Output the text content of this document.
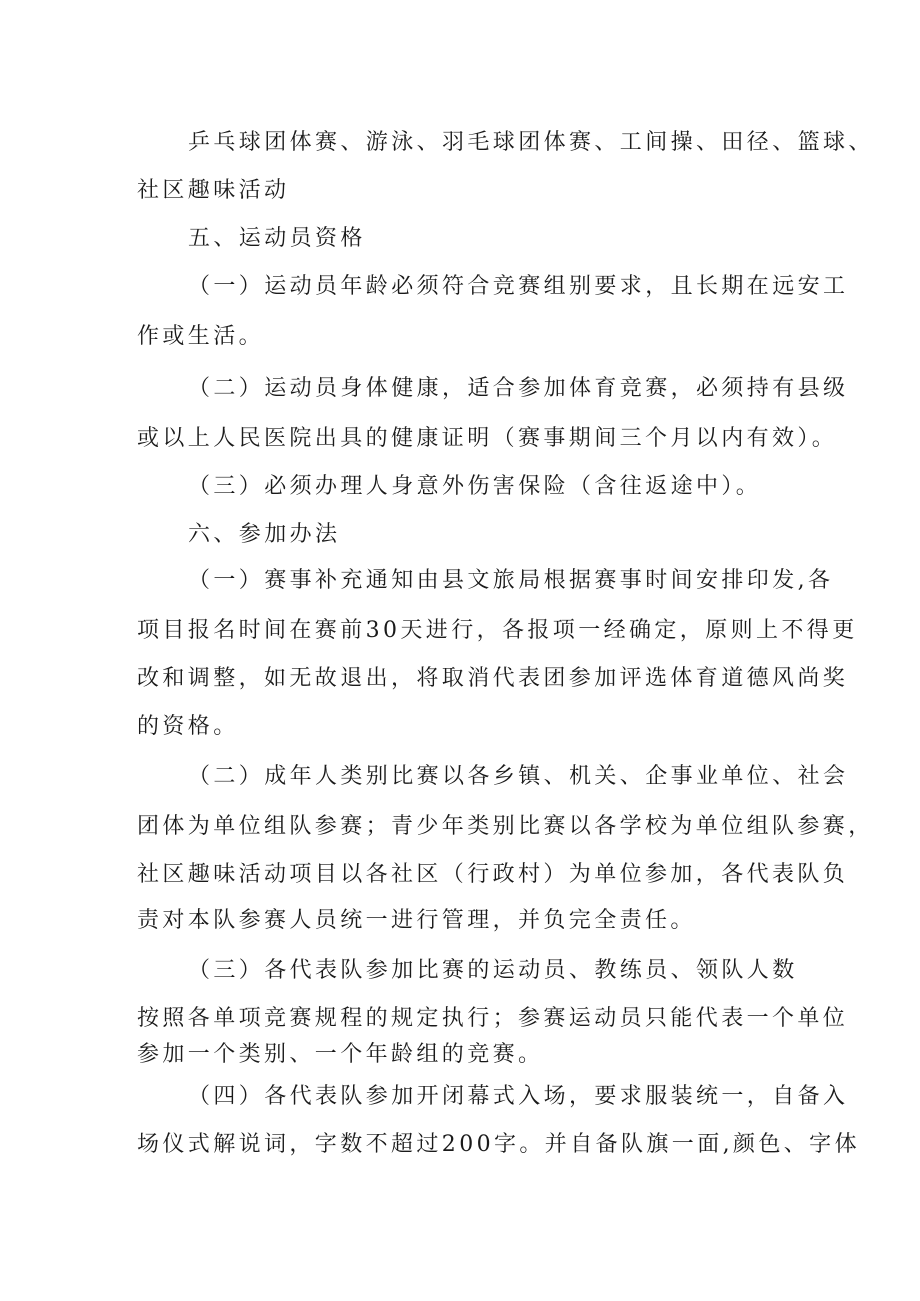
乒乓球团体赛、游泳、羽毛球团体赛、工间操、田径、篮球、
社区趣味活动
五、运动员资格
（一）运动员年龄必须符合竞赛组别要求，且长期在远安工
作或生活。
（二）运动员身体健康，适合参加体育竞赛，必须持有县级
或以上人民医院出具的健康证明（赛事期间三个月以内有效）。
（三）必须办理人身意外伤害保险（含往返途中）。
六、参加办法
（一）赛事补充通知由县文旅局根据赛事时间安排印发,各
项目报名时间在赛前30天进行，各报项一经确定，原则上不得更
改和调整，如无故退出，将取消代表团参加评选体育道德风尚奖
的资格。
（二）成年人类别比赛以各乡镇、机关、企事业单位、社会
团体为单位组队参赛；青少年类别比赛以各学校为单位组队参赛，
社区趣味活动项目以各社区（行政村）为单位参加，各代表队负
责对本队参赛人员统一进行管理，并负完全责任。
（三）各代表队参加比赛的运动员、教练员、领队人数
按照各单项竞赛规程的规定执行；参赛运动员只能代表一个单位
参加一个类别、一个年龄组的竞赛。
（四）各代表队参加开闭幕式入场，要求服装统一，自备入
场仪式解说词，字数不超过200字。并自备队旗一面,颜色、字体
